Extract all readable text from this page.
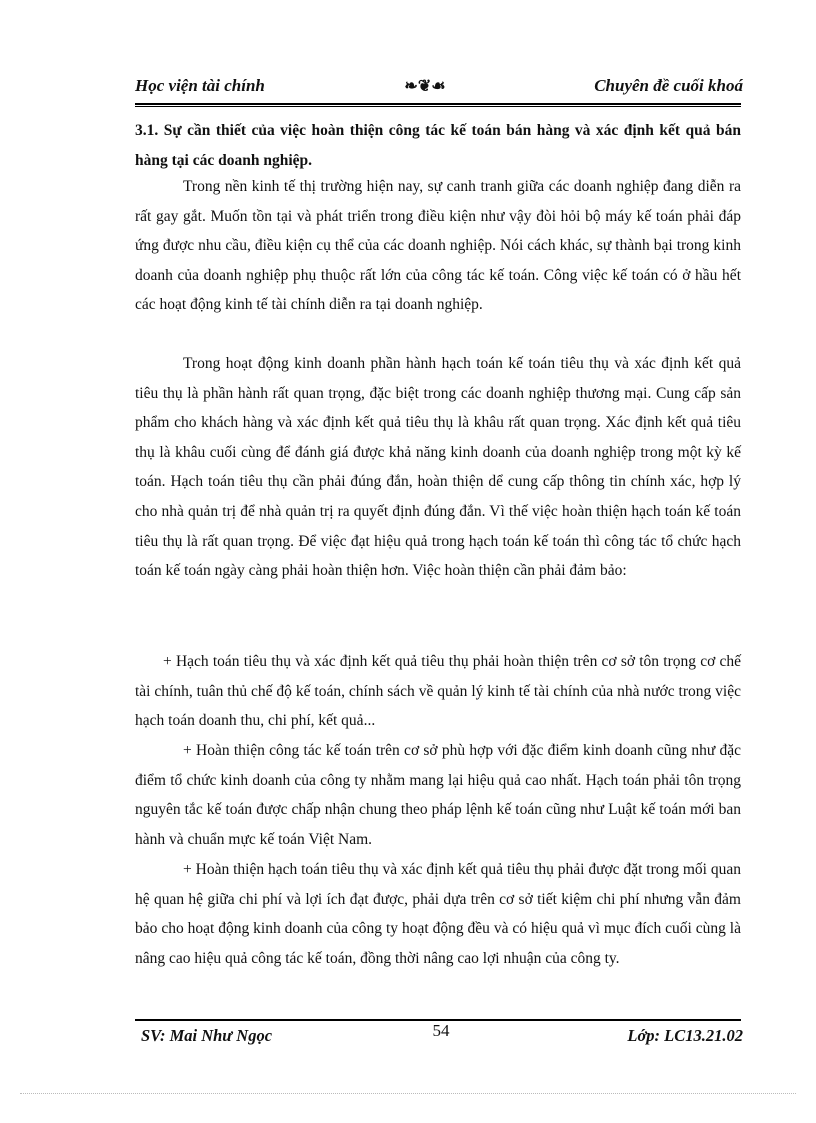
Học viện tài chính	❧❦☙	Chuyên đề cuối khoá
3.1. Sự cần thiết của việc hoàn thiện công tác kế toán bán hàng và xác định kết quả bán hàng tại các doanh nghiệp.

Trong nền kinh tế thị trường hiện nay, sự canh tranh giữa các doanh nghiệp đang diễn ra rất gay gắt. Muốn tồn tại và phát triển trong điều kiện như vậy đòi hỏi bộ máy kế toán phải đáp ứng được nhu cầu, điều kiện cụ thể của các doanh nghiệp. Nói cách khác, sự thành bại trong kinh doanh của doanh nghiệp phụ thuộc rất lớn của công tác kế toán. Công việc kế toán có ở hầu hết các hoạt động kinh tế tài chính diễn ra tại doanh nghiệp.

Trong hoạt động kinh doanh phần hành hạch toán kế toán tiêu thụ và xác định kết quả tiêu thụ là phần hành rất quan trọng, đặc biệt trong các doanh nghiệp thương mại. Cung cấp sản phẩm cho khách hàng và xác định kết quả tiêu thụ là khâu rất quan trọng. Xác định kết quả tiêu thụ là khâu cuối cùng để đánh giá được khả năng kinh doanh của doanh nghiệp trong một kỳ kế toán. Hạch toán tiêu thụ cần phải đúng đắn, hoàn thiện dể cung cấp thông tin chính xác, hợp lý cho nhà quản trị để nhà quản trị ra quyết định đúng đắn. Vì thế việc hoàn thiện hạch toán kế toán tiêu thụ là rất quan trọng. Để việc đạt hiệu quả trong hạch toán kế toán thì công tác tổ chức hạch toán kế toán ngày càng phải hoàn thiện hơn. Việc hoàn thiện cần phải đảm bảo:

+ Hạch toán tiêu thụ và xác định kết quả tiêu thụ phải hoàn thiện trên cơ sở tôn trọng cơ chế tài chính, tuân thủ chế độ kế toán, chính sách về quản lý kinh tế tài chính của nhà nước trong việc hạch toán doanh thu, chi phí, kết quả...

+ Hoàn thiện công tác kế toán trên cơ sở phù hợp với đặc điểm kinh doanh cũng như đặc điểm tổ chức kinh doanh của công ty nhằm mang lại hiệu quả cao nhất. Hạch toán phải tôn trọng nguyên tắc kế toán được chấp nhận chung theo pháp lệnh kế toán cũng như Luật kế toán mới ban hành và chuẩn mực kế toán Việt Nam.

+ Hoàn thiện hạch toán tiêu thụ và xác định kết quả tiêu thụ phải được đặt trong mối quan hệ quan hệ giữa chi phí và lợi ích đạt được, phải dựa trên cơ sở tiết kiệm chi phí nhưng vẫn đảm bảo cho hoạt động kinh doanh của công ty hoạt động đều và có hiệu quả vì mục đích cuối cùng là nâng cao hiệu quả công tác kế toán, đồng thời nâng cao lợi nhuận của công ty.

SV: Mai Như Ngọc	54	Lớp: LC13.21.02
